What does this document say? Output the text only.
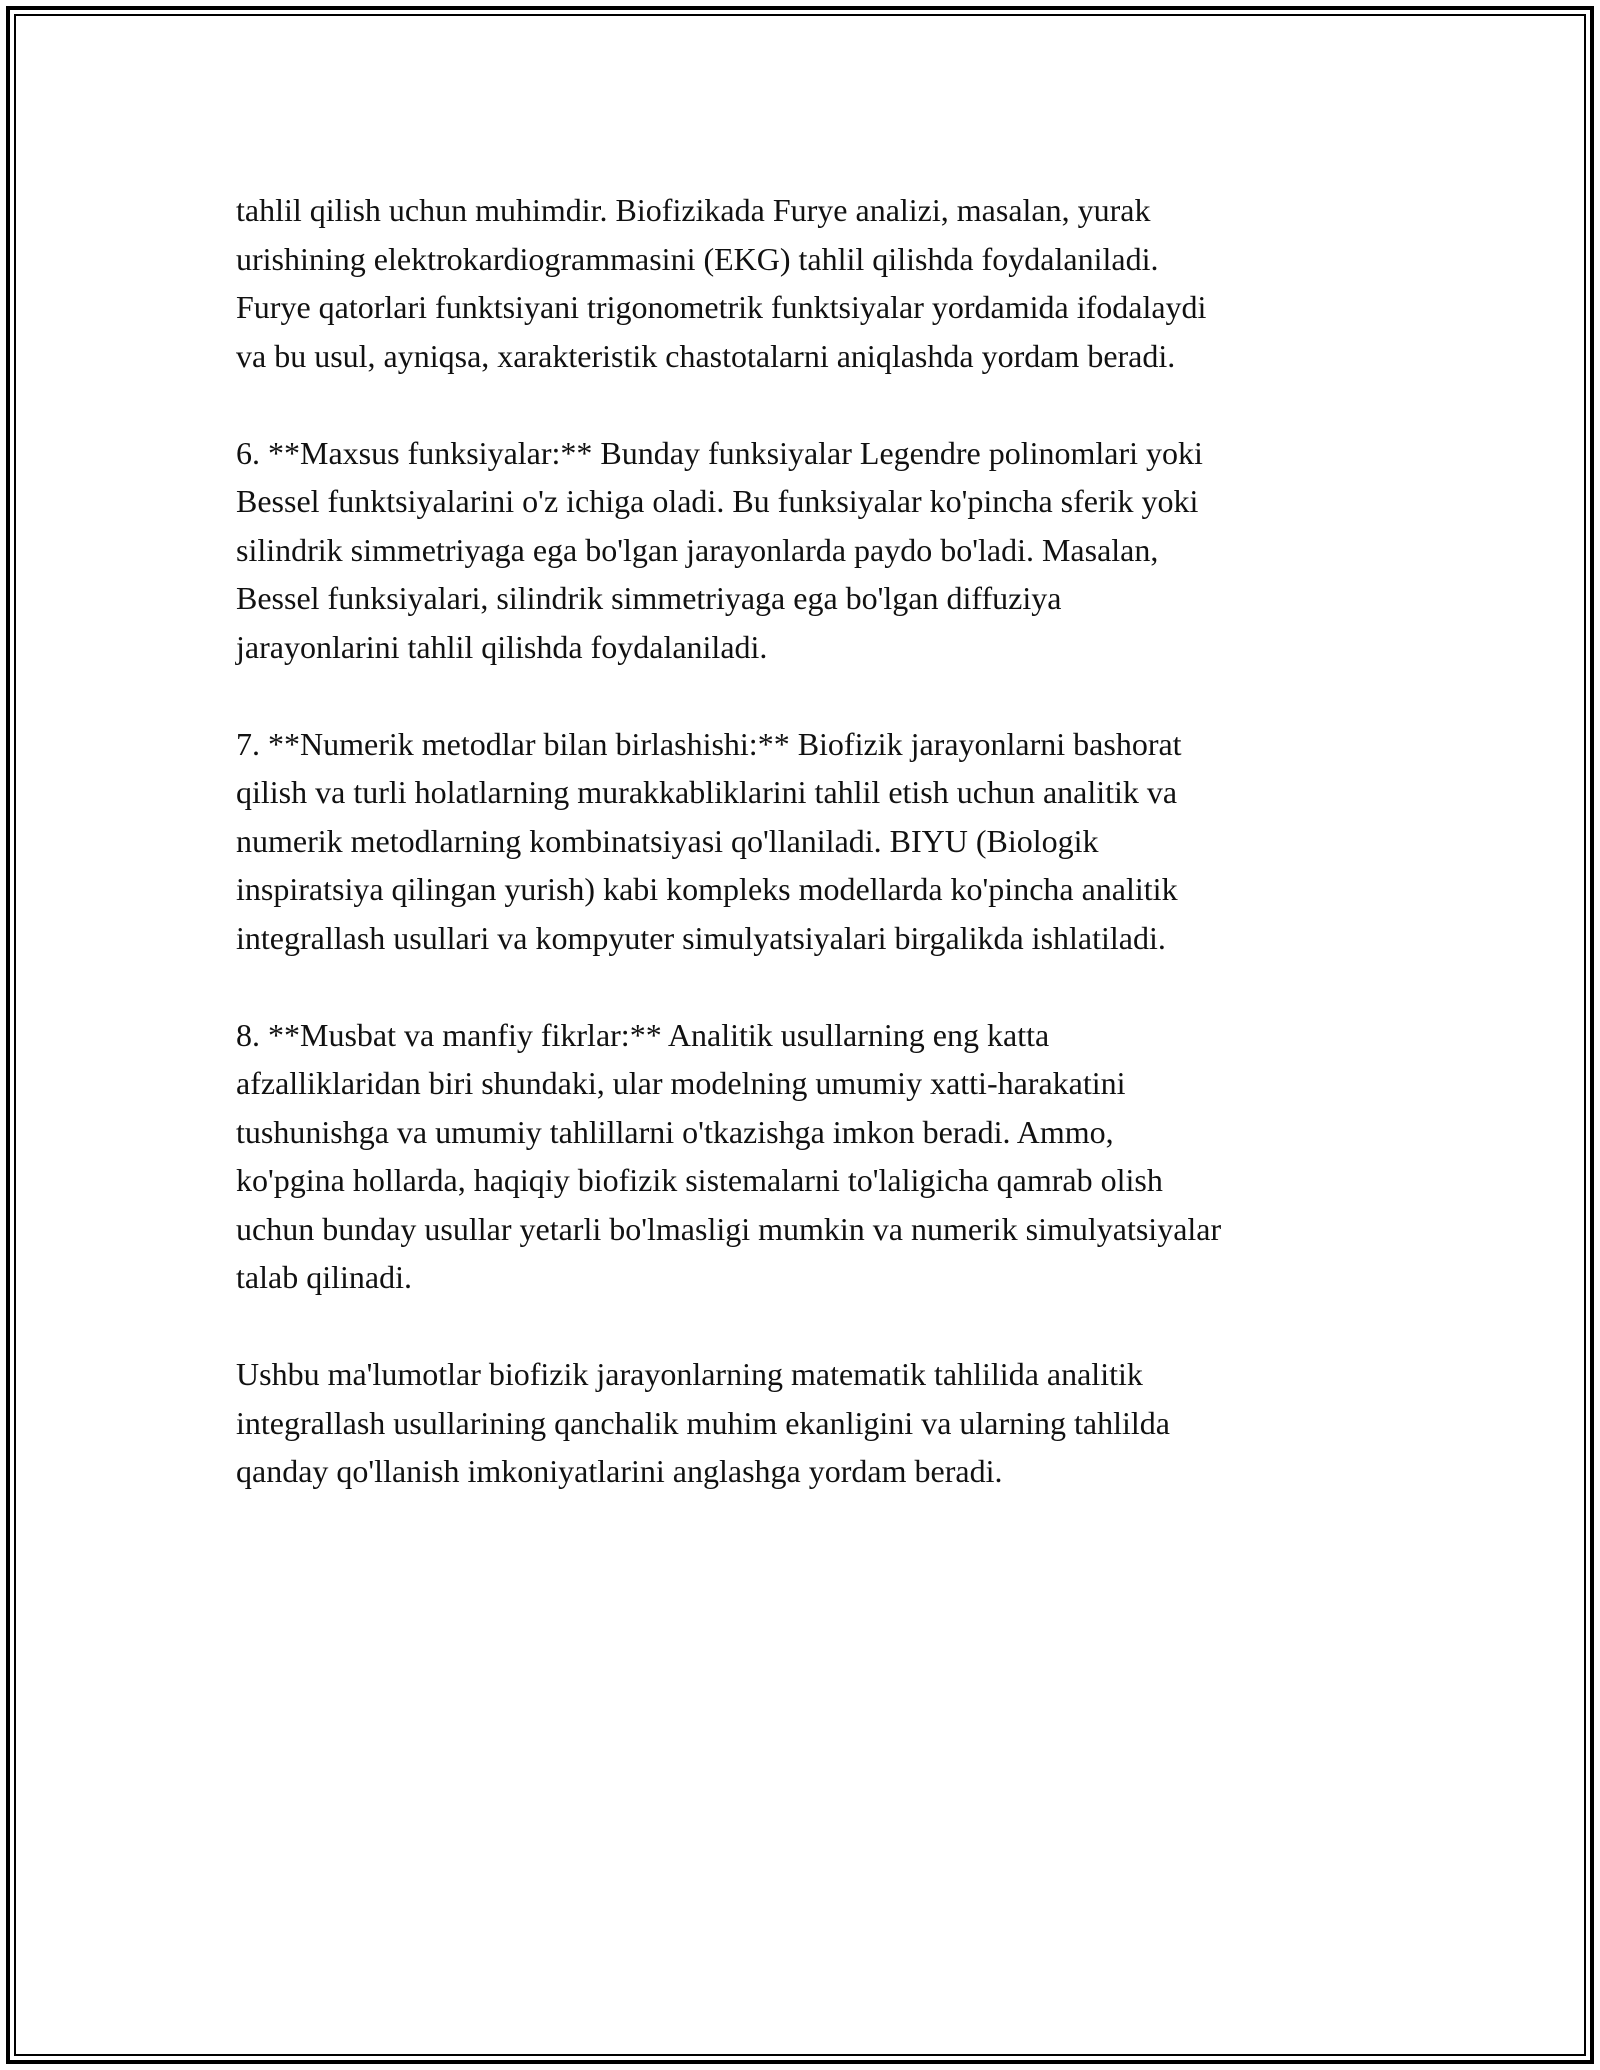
tahlil qilish uchun muhimdir. Biofizikada Furye analizi, masalan, yurak
urishining elektrokardiogrammasini (EKG) tahlil qilishda foydalaniladi.
Furye qatorlari funktsiyani trigonometrik funktsiyalar yordamida ifodalaydi
va bu usul, ayniqsa, xarakteristik chastotalarni aniqlashda yordam beradi.
6. **Maxsus funksiyalar:** Bunday funksiyalar Legendre polinomlari yoki
Bessel funktsiyalarini o'z ichiga oladi. Bu funksiyalar ko'pincha sferik yoki
silindrik simmetriyaga ega bo'lgan jarayonlarda paydo bo'ladi. Masalan,
Bessel funksiyalari, silindrik simmetriyaga ega bo'lgan diffuziya
jarayonlarini tahlil qilishda foydalaniladi.
7. **Numerik metodlar bilan birlashishi:** Biofizik jarayonlarni bashorat
qilish va turli holatlarning murakkabliklarini tahlil etish uchun analitik va
numerik metodlarning kombinatsiyasi qo'llaniladi. BIYU (Biologik
inspiratsiya qilingan yurish) kabi kompleks modellarda ko'pincha analitik
integrallash usullari va kompyuter simulyatsiyalari birgalikda ishlatiladi.
8. **Musbat va manfiy fikrlar:** Analitik usullarning eng katta
afzalliklaridan biri shundaki, ular modelning umumiy xatti-harakatini
tushunishga va umumiy tahlillarni o'tkazishga imkon beradi. Ammo,
ko'pgina hollarda, haqiqiy biofizik sistemalarni to'laligicha qamrab olish
uchun bunday usullar yetarli bo'lmasligi mumkin va numerik simulyatsiyalar
talab qilinadi.
Ushbu ma'lumotlar biofizik jarayonlarning matematik tahlilida analitik
integrallash usullarining qanchalik muhim ekanligini va ularning tahlilda
qanday qo'llanish imkoniyatlarini anglashga yordam beradi.
